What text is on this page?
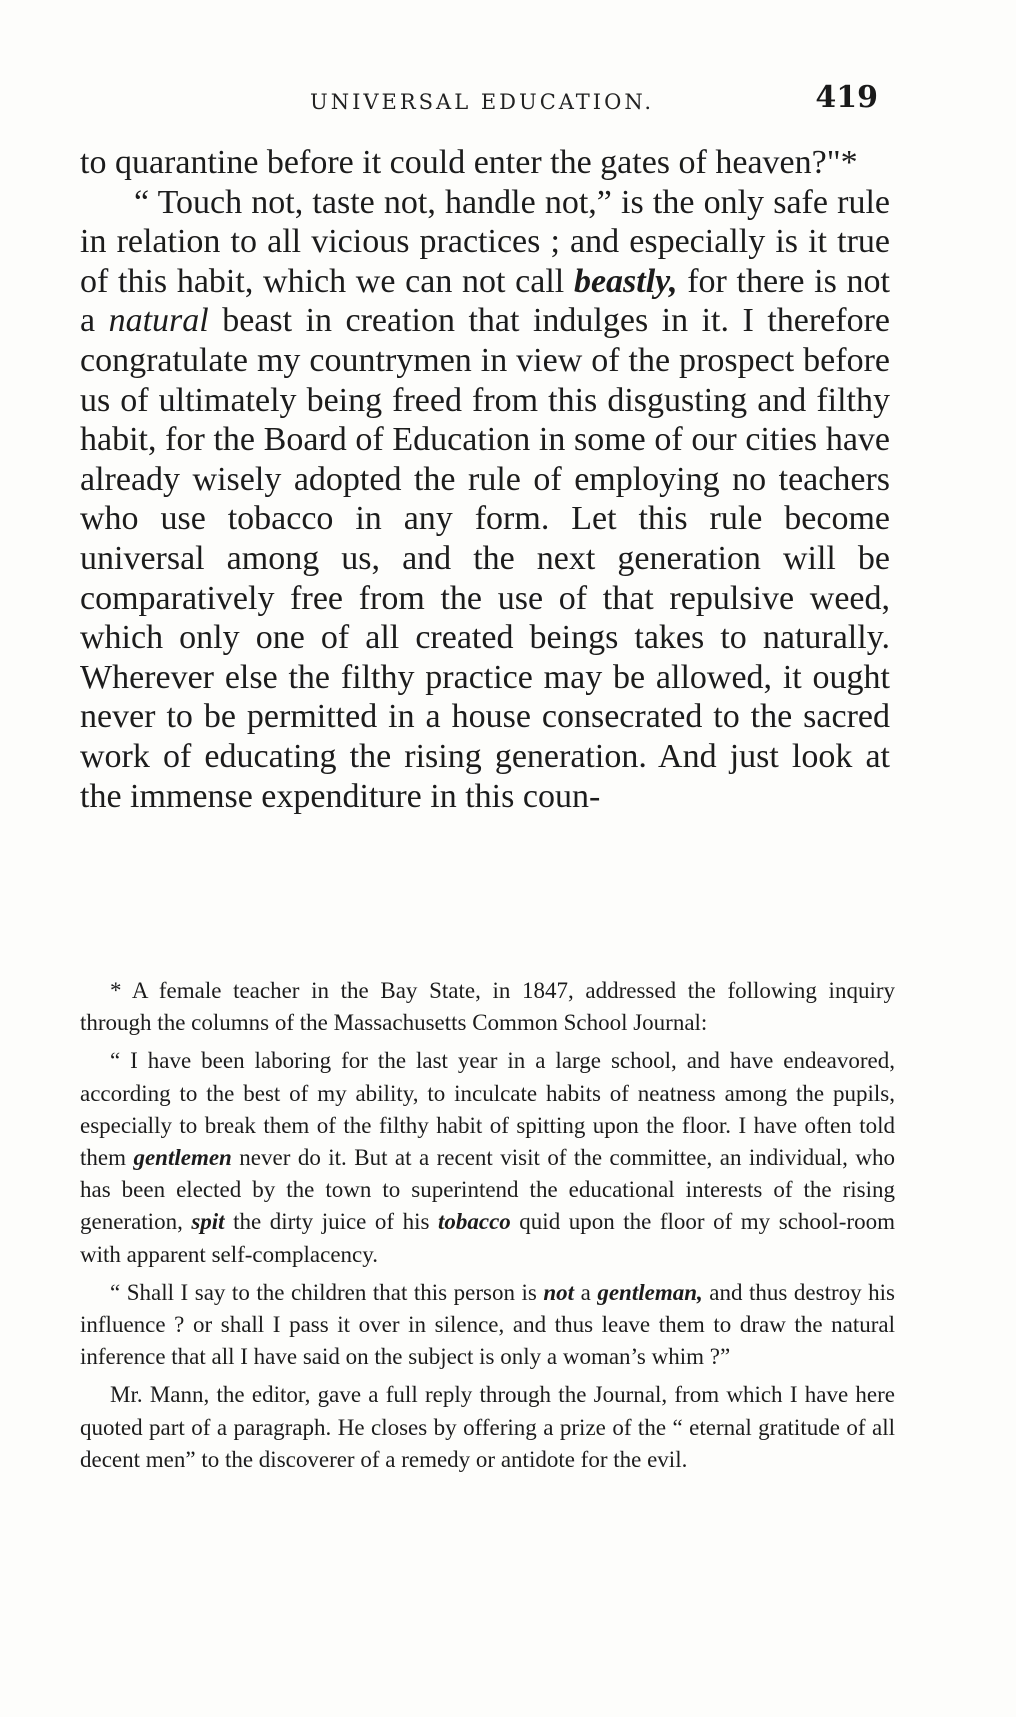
UNIVERSAL EDUCATION.	419

to quarantine before it could enter the gates of heaven?"*

“ Touch not, taste not, handle not,” is the only safe rule in relation to all vicious practices ; and especially is it true of this habit, which we can not call beastly, for there is not a natural beast in creation that indulges in it. I therefore congratulate my countrymen in view of the prospect before us of ultimately being freed from this disgusting and filthy habit, for the Board of Education in some of our cities have already wisely adopted the rule of employing no teachers who use tobacco in any form. Let this rule become universal among us, and the next generation will be comparatively free from the use of that repulsive weed, which only one of all created beings takes to naturally. Wherever else the filthy practice may be allowed, it ought never to be permitted in a house consecrated to the sacred work of educating the rising generation. And just look at the immense expenditure in this coun-

* A female teacher in the Bay State, in 1847, addressed the following inquiry through the columns of the Massachusetts Common School Journal:

“ I have been laboring for the last year in a large school, and have endeavored, according to the best of my ability, to inculcate habits of neatness among the pupils, especially to break them of the filthy habit of spitting upon the floor. I have often told them gentlemen never do it. But at a recent visit of the committee, an individual, who has been elected by the town to superintend the educational interests of the rising generation, spit the dirty juice of his tobacco quid upon the floor of my school-room with apparent self-complacency.

“ Shall I say to the children that this person is not a gentleman, and thus destroy his influence ? or shall I pass it over in silence, and thus leave them to draw the natural inference that all I have said on the subject is only a woman’s whim ?”

Mr. Mann, the editor, gave a full reply through the Journal, from which I have here quoted part of a paragraph. He closes by offering a prize of the “ eternal gratitude of all decent men” to the discoverer of a remedy or antidote for the evil.
